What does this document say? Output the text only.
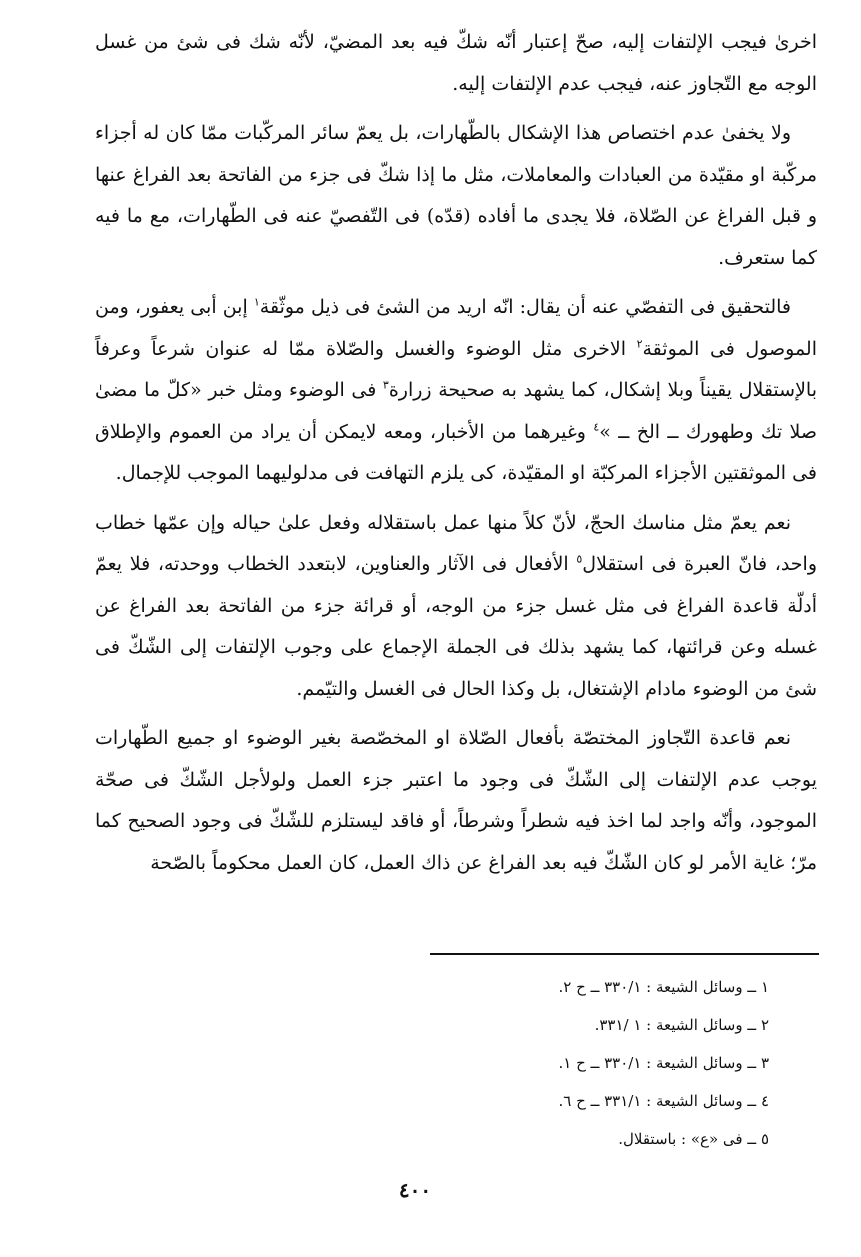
اخرىٰ فيجب الإلتفات إليه، صحّ إعتبار أنّه شكّ فيه بعد المضيّ، لأنّه شك فى شئ من غسل الوجه مع التّجاوز عنه، فيجب عدم الإلتفات إليه.

ولا يخفىٰ عدم اختصاص هذا الإشكال بالطّهارات، بل يعمّ سائر المركّبات ممّا كان له أجزاء مركّبة او مقيّدة من العبادات والمعاملات، مثل ما إذا شكّ فى جزء من الفاتحة بعد الفراغ عنها و قبل الفراغ عن الصّلاة، فلا يجدى ما أفاده (قدّه) فى التّفصيّ عنه فى الطّهارات، مع ما فيه كما ستعرف.

فالتحقيق فى التفصّي عنه أن يقال: انّه اريد من الشئ فى ذيل موثّقة$^١$ إبن أبى يعفور، ومن الموصول فى الموثقة$^٢$ الاخرى مثل الوضوء والغسل والصّلاة ممّا له عنوان شرعاً وعرفاً بالإستقلال يقيناً وبلا إشكال، كما يشهد به صحيحة زرارة$^٣$ فى الوضوء ومثل خبر «كلّ ما مضىٰ صلا تك وطهورك ــ الخ ــ »$^٤$ وغيرهما من الأخبار، ومعه لايمكن أن يراد من العموم والإطلاق فى الموثقتين الأجزاء المركبّة او المقيّدة، كى يلزم التهافت فى مدلوليهما الموجب للإجمال.

نعم يعمّ مثل مناسك الحجّ، لأنّ كلاً منها عمل باستقلاله وفعل علىٰ حياله وإن عمّها خطاب واحد، فانّ العبرة فى استقلال$^٥$ الأفعال فى الآثار والعناوين، لابتعدد الخطاب ووحدته، فلا يعمّ أدلّة قاعدة الفراغ فى مثل غسل جزء من الوجه، أو قرائة جزء من الفاتحة بعد الفراغ عن غسله وعن قرائتها، كما يشهد بذلك فى الجملة الإجماع على وجوب الإلتفات إلى الشّكّ فى شئ من الوضوء مادام الإشتغال، بل وكذا الحال فى الغسل والتيّمم.

نعم قاعدة التّجاوز المختصّة بأفعال الصّلاة او المخصّصة بغير الوضوء او جميع الطّهارات يوجب عدم الإلتفات إلى الشّكّ فى وجود ما اعتبر جزء العمل ولولأجل الشّكّ فى صحّة الموجود، وأنّه واجد لما اخذ فيه شطراً وشرطاً، أو فاقد ليستلزم للشّكّ فى وجود الصحيح كما مرّ؛ غاية الأمر لو كان الشّكّ فيه بعد الفراغ عن ذاك العمل، كان العمل محكوماً بالصّحة

١ ــ وسائل الشيعة : ٣٣٠/١ ــ ح ٢.
٢ ــ وسائل الشيعة : ١ /٣٣١.
٣ ــ وسائل الشيعة : ٣٣٠/١ ــ ح ١.
٤ ــ وسائل الشيعة : ٣٣١/١ ــ ح ٦.
٥ ــ فى «ع» : باستقلال.
٤٠٠
